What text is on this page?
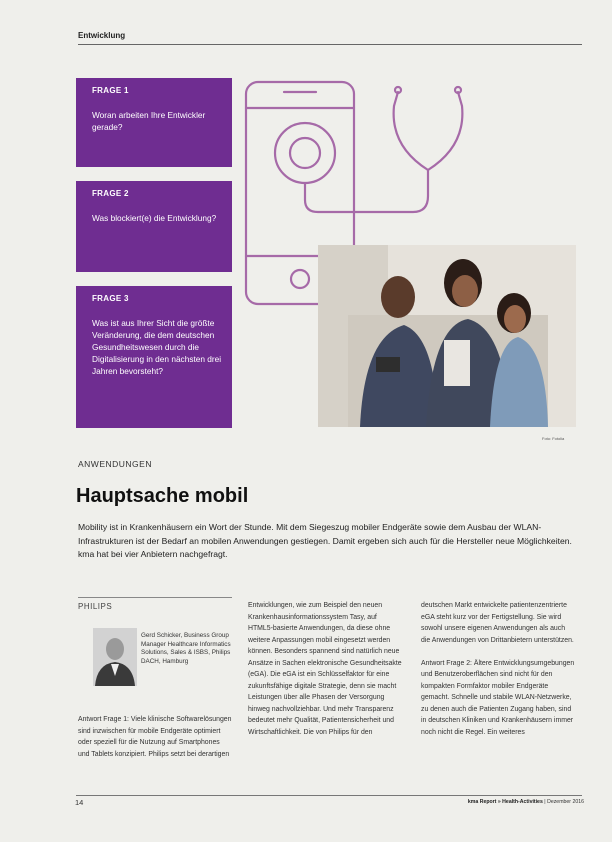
Entwicklung
FRAGE 1
Woran arbeiten Ihre Entwickler gerade?
FRAGE 2
Was blockiert(e) die Entwicklung?
FRAGE 3
Was ist aus Ihrer Sicht die größte Veränderung, die dem deutschen Gesundheitswesen durch die Digitalisierung in den nächsten drei Jahren bevorsteht?
Foto: Fotolia
ANWENDUNGEN
Hauptsache mobil
Mobility ist in Krankenhäusern ein Wort der Stunde. Mit dem Siegeszug mobiler Endgeräte sowie dem Ausbau der WLAN-Infrastrukturen ist der Bedarf an mobilen Anwendungen gestiegen. Damit ergeben sich auch für die Hersteller neue Möglichkeiten. kma hat bei vier Anbietern nachgefragt.
PHILIPS
Gerd Schicker, Business Group Manager Healthcare Informatics Solutions, Sales & ISBS, Philips DACH, Hamburg
Antwort Frage 1: Viele klinische Softwarelösungen sind inzwischen für mobile Endgeräte optimiert oder speziell für die Nutzung auf Smartphones und Tablets konzipiert. Philips setzt bei derartigen
Entwicklungen, wie zum Beispiel den neuen Krankenhausinformationssystem Tasy, auf HTML5-basierte Anwendungen, da diese ohne weitere Anpassungen mobil eingesetzt werden können. Besonders spannend sind natürlich neue Ansätze in Sachen elektronische Gesundheitsakte (eGA). Die eGA ist ein Schlüsselfaktor für eine zukunftsfähige digitale Strategie, denn sie macht Leistungen über alle Phasen der Versorgung hinweg nachvollziehbar. Und mehr Transparenz bedeutet mehr Qualität, Patientensicherheit und Wirtschaftlichkeit. Die von Philips für den
deutschen Markt entwickelte patientenzentrierte eGA steht kurz vor der Fertigstellung. Sie wird sowohl unsere eigenen Anwendungen als auch die Anwendungen von Drittanbietern unterstützen.

Antwort Frage 2: Ältere Entwicklungsumgebungen und Benutzeroberflächen sind nicht für den kompakten Formfaktor mobiler Endgeräte gemacht. Schnelle und stabile WLAN-Netzwerke, zu denen auch die Patienten Zugang haben, sind in deutschen Kliniken und Krankenhäusern immer noch nicht die Regel. Ein weiteres
14	kma Report » Health-Activities | Dezember 2016
